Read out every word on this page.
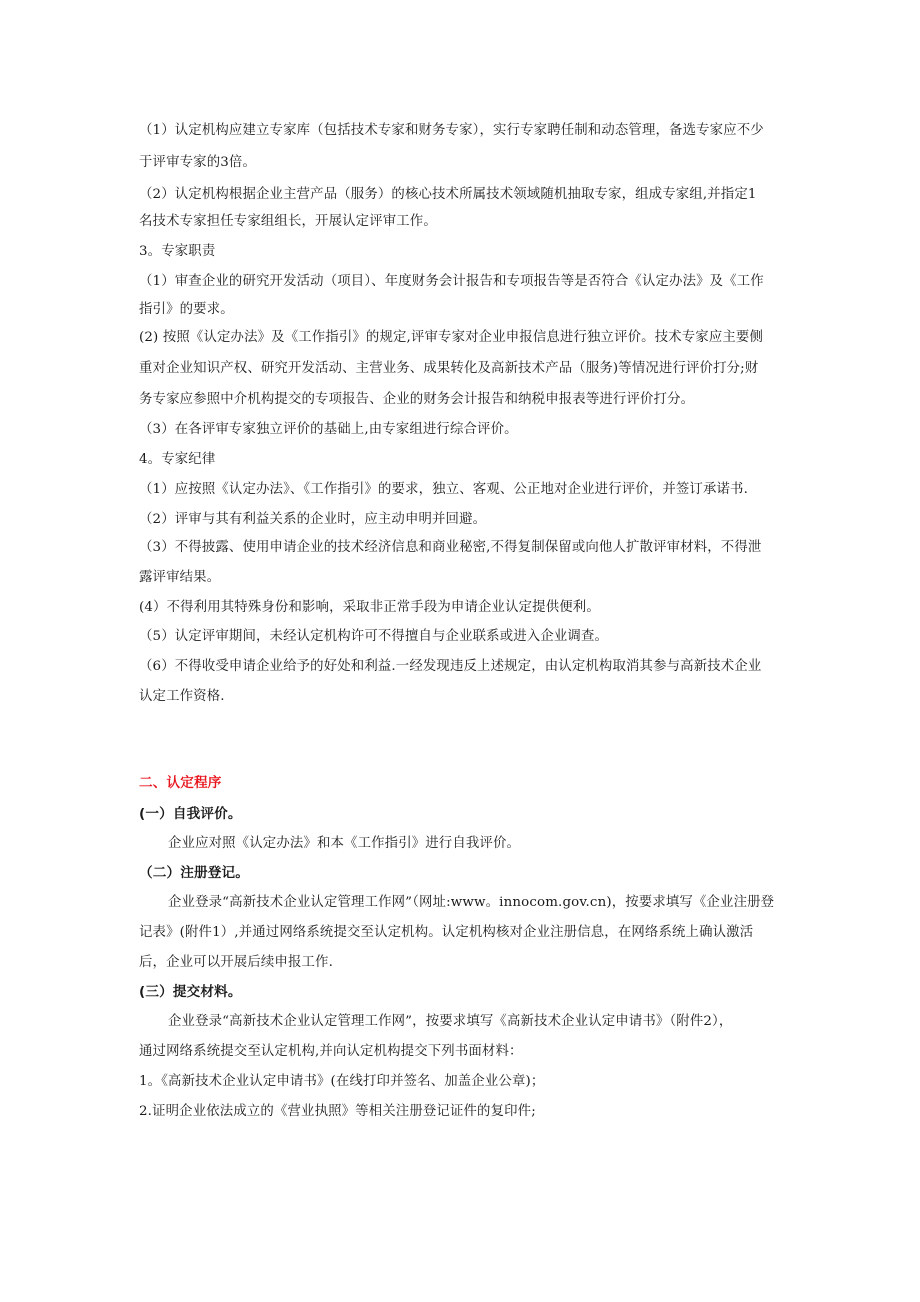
（1）认定机构应建立专家库（包括技术专家和财务专家），实行专家聘任制和动态管理，备选专家应不少

于评审专家的3倍。

（2）认定机构根据企业主营产品（服务）的核心技术所属技术领域随机抽取专家，组成专家组,并指定1

名技术专家担任专家组组长，开展认定评审工作。

3。专家职责

（1）审查企业的研究开发活动（项目）、年度财务会计报告和专项报告等是否符合《认定办法》及《工作

指引》的要求。

(2) 按照《认定办法》及《工作指引》的规定,评审专家对企业申报信息进行独立评价。技术专家应主要侧

重对企业知识产权、研究开发活动、主营业务、成果转化及高新技术产品（服务)等情况进行评价打分;财

务专家应参照中介机构提交的专项报告、企业的财务会计报告和纳税申报表等进行评价打分。

（3）在各评审专家独立评价的基础上,由专家组进行综合评价。

4。专家纪律

（1）应按照《认定办法》、《工作指引》的要求，独立、客观、公正地对企业进行评价，并签订承诺书.

（2）评审与其有利益关系的企业时，应主动申明并回避。

（3）不得披露、使用申请企业的技术经济信息和商业秘密,不得复制保留或向他人扩散评审材料，不得泄

露评审结果。

(4）不得利用其特殊身份和影响，采取非正常手段为申请企业认定提供便利。

（5）认定评审期间，未经认定机构许可不得擅自与企业联系或进入企业调查。

（6）不得收受申请企业给予的好处和利益.一经发现违反上述规定，由认定机构取消其参与高新技术企业

认定工作资格.

二、认定程序

(一）自我评价。

企业应对照《认定办法》和本《工作指引》进行自我评价。

（二）注册登记。

企业登录“高新技术企业认定管理工作网”（网址:www。innocom.gov.cn)，按要求填写《企业注册登

记表》(附件1）,并通过网络系统提交至认定机构。认定机构核对企业注册信息，在网络系统上确认激活

后，企业可以开展后续申报工作.

(三）提交材料。

企业登录“高新技术企业认定管理工作网”，按要求填写《高新技术企业认定申请书》（附件2），

通过网络系统提交至认定机构,并向认定机构提交下列书面材料：

1。《高新技术企业认定申请书》(在线打印并签名、加盖企业公章)；

2.证明企业依法成立的《营业执照》等相关注册登记证件的复印件;
